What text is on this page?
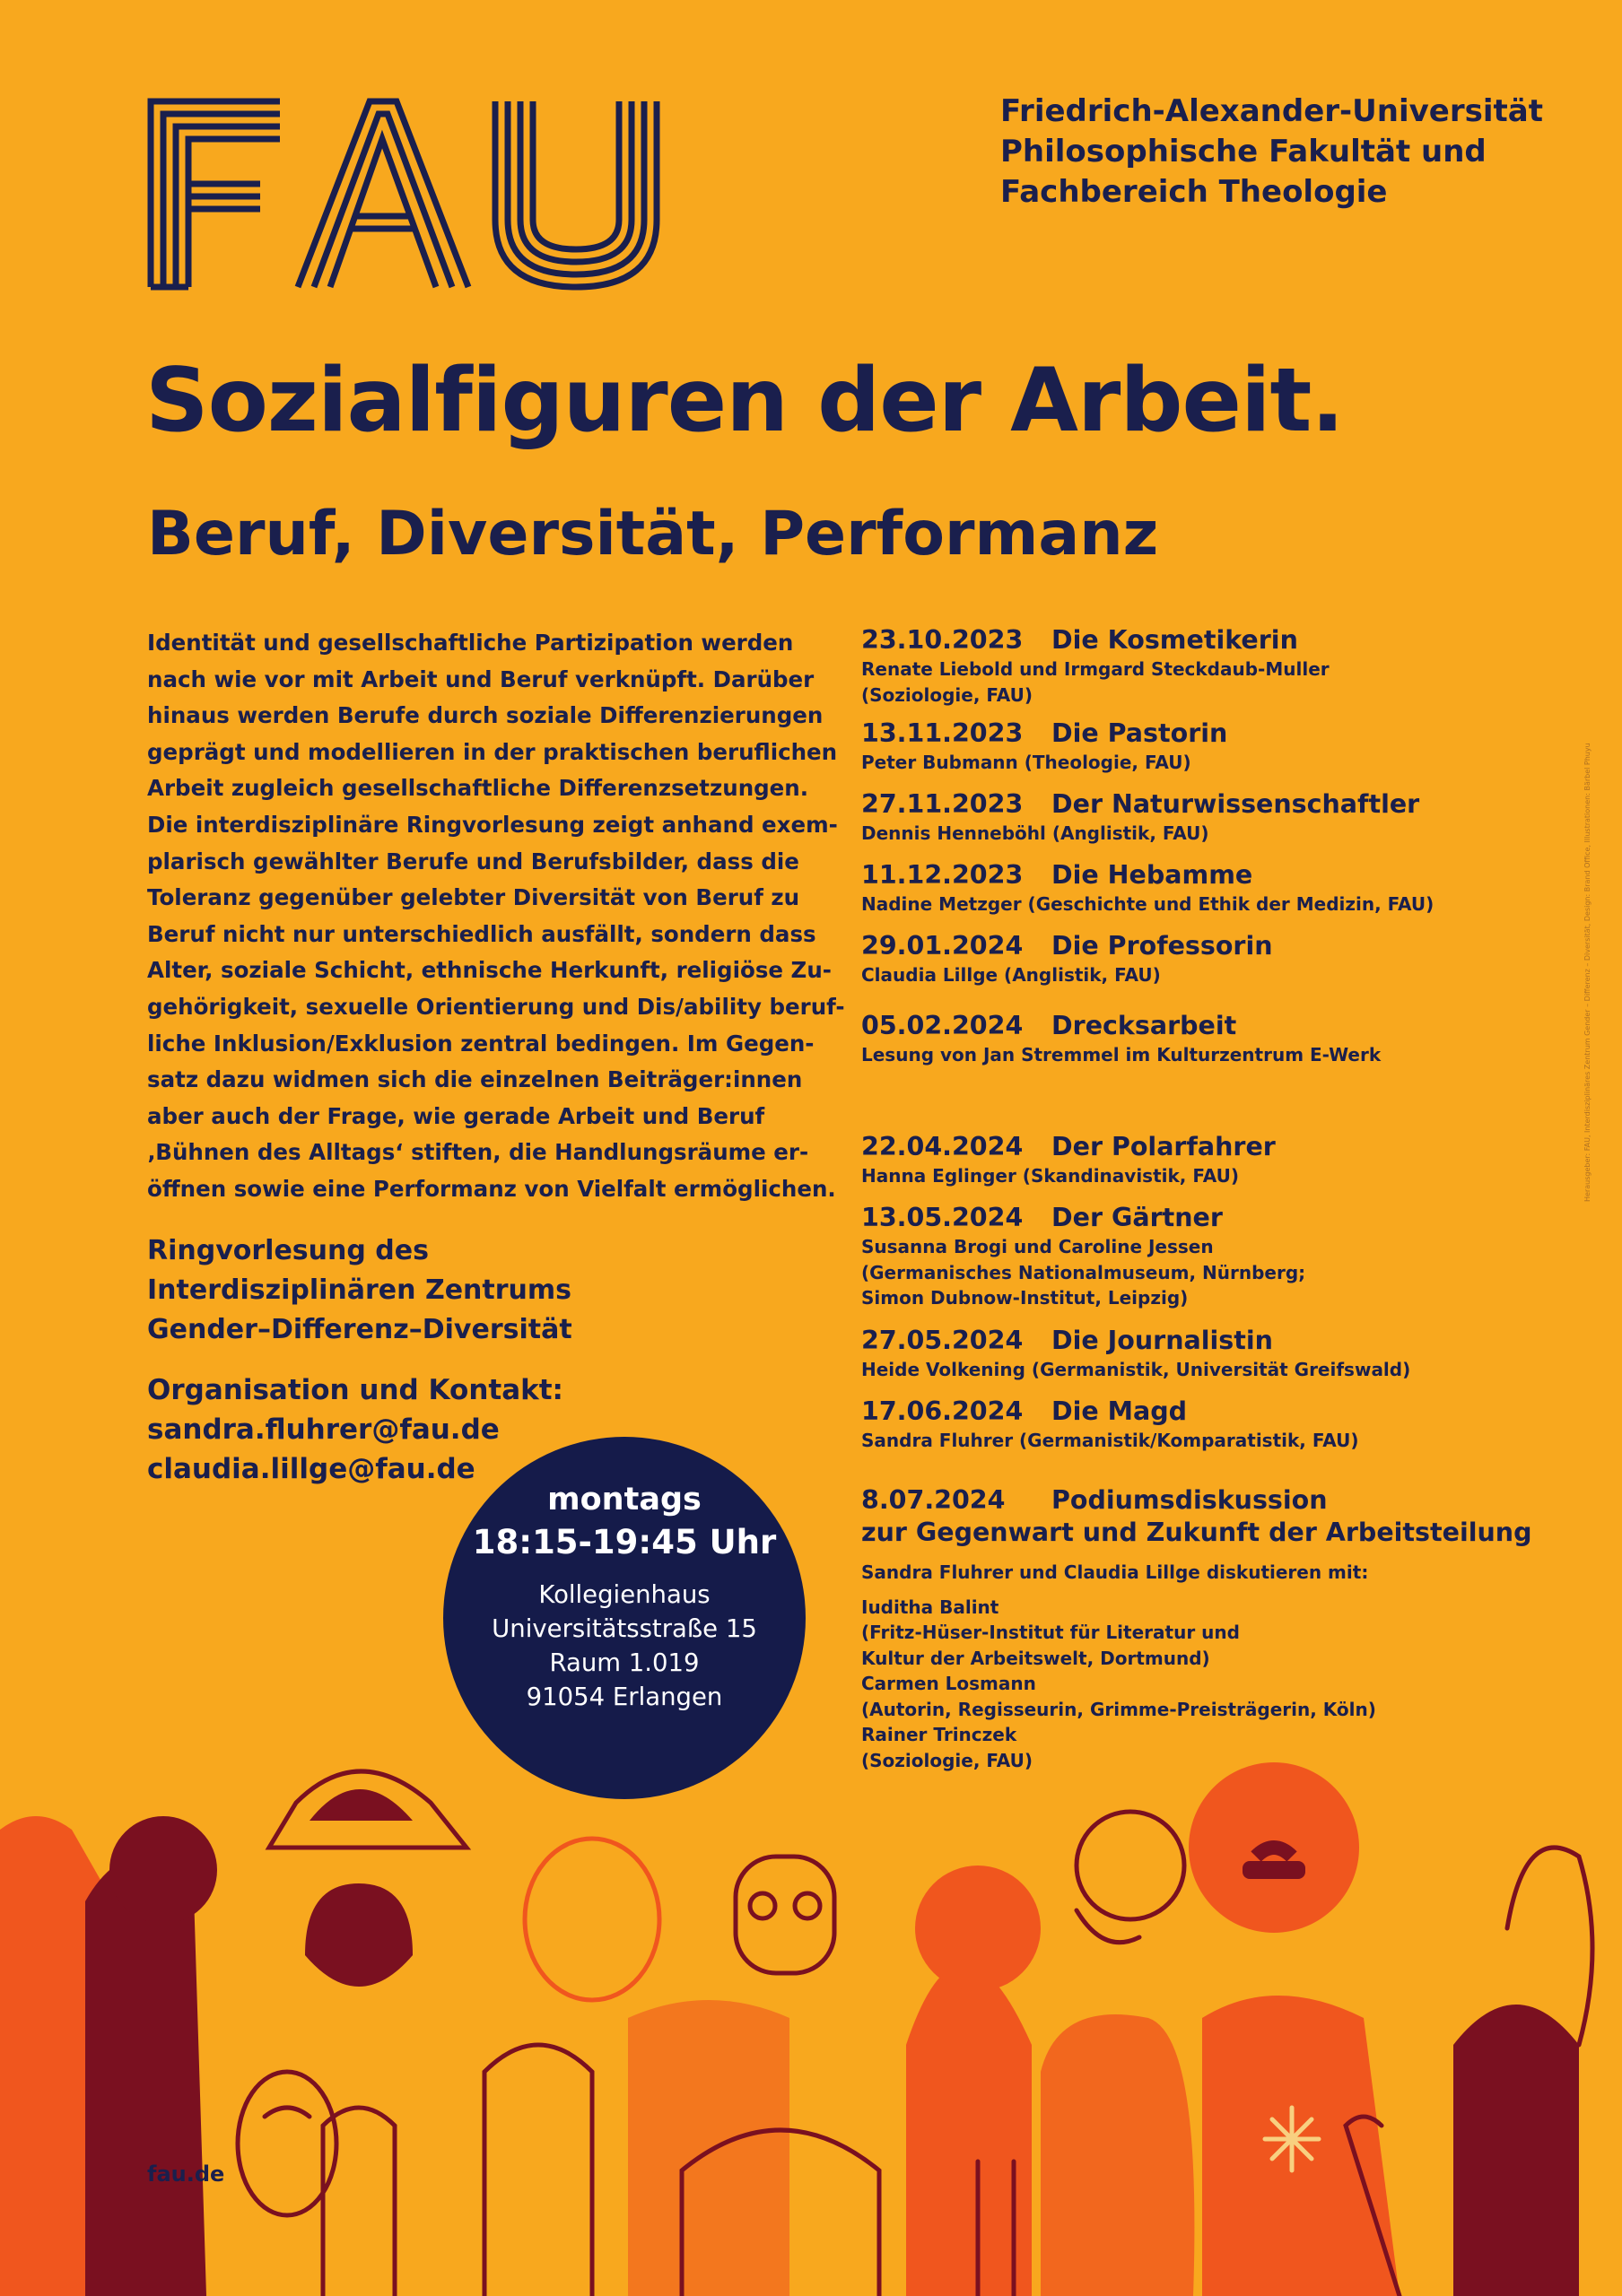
Friedrich-Alexander-Universität
Philosophische Fakultät und
Fachbereich Theologie
Sozialfiguren der Arbeit.
Beruf, Diversität, Performanz
Identität und gesellschaftliche Partizipation werden
nach wie vor mit Arbeit und Beruf verknüpft. Darüber
hinaus werden Berufe durch soziale Differenzierungen
geprägt und modellieren in der praktischen beruflichen
Arbeit zugleich gesellschaftliche Differenzsetzungen.
Die interdisziplinäre Ringvorlesung zeigt anhand exem-
plarisch gewählter Berufe und Berufsbilder, dass die
Toleranz gegenüber gelebter Diversität von Beruf zu
Beruf nicht nur unterschiedlich ausfällt, sondern dass
Alter, soziale Schicht, ethnische Herkunft, religiöse Zu-
gehörigkeit, sexuelle Orientierung und Dis/ability beruf-
liche Inklusion/Exklusion zentral bedingen. Im Gegen-
satz dazu widmen sich die einzelnen Beiträger:innen
aber auch der Frage, wie gerade Arbeit und Beruf
‚Bühnen des Alltags‘ stiften, die Handlungsräume er-
öffnen sowie eine Performanz von Vielfalt ermöglichen.
Ringvorlesung des
Interdisziplinären Zentrums
Gender–Differenz–Diversität
Organisation und Kontakt:
sandra.fluhrer@fau.de
claudia.lillge@fau.de
montags
18:15-19:45 Uhr
Kollegienhaus
Universitätsstraße 15
Raum 1.019
91054 Erlangen
23.10.2023 Die Kosmetikerin
Renate Liebold und Irmgard Steckdaub-Muller
(Soziologie, FAU)
13.11.2023 Die Pastorin
Peter Bubmann (Theologie, FAU)
27.11.2023 Der Naturwissenschaftler
Dennis Henneböhl (Anglistik, FAU)
11.12.2023 Die Hebamme
Nadine Metzger (Geschichte und Ethik der Medizin, FAU)
29.01.2024 Die Professorin
Claudia Lillge (Anglistik, FAU)
05.02.2024 Drecksarbeit
Lesung von Jan Stremmel im Kulturzentrum E-Werk
22.04.2024 Der Polarfahrer
Hanna Eglinger (Skandinavistik, FAU)
13.05.2024 Der Gärtner
Susanna Brogi und Caroline Jessen
(Germanisches Nationalmuseum, Nürnberg;
Simon Dubnow-Institut, Leipzig)
27.05.2024 Die Journalistin
Heide Volkening (Germanistik, Universität Greifswald)
17.06.2024 Die Magd
Sandra Fluhrer (Germanistik/Komparatistik, FAU)
8.07.2024 Podiumsdiskussion
zur Gegenwart und Zukunft der Arbeitsteilung
Sandra Fluhrer und Claudia Lillge diskutieren mit:
Iuditha Balint
(Fritz-Hüser-Institut für Literatur und
Kultur der Arbeitswelt, Dortmund)
Carmen Losmann
(Autorin, Regisseurin, Grimme-Preisträgerin, Köln)
Rainer Trinczek
(Soziologie, FAU)
Herausgeber: FAU, Interdisziplinäres Zentrum Gender – Differenz – Diversität, Design: Brand Office, Illustrationen: Bärbel Phuyu
fau.de
